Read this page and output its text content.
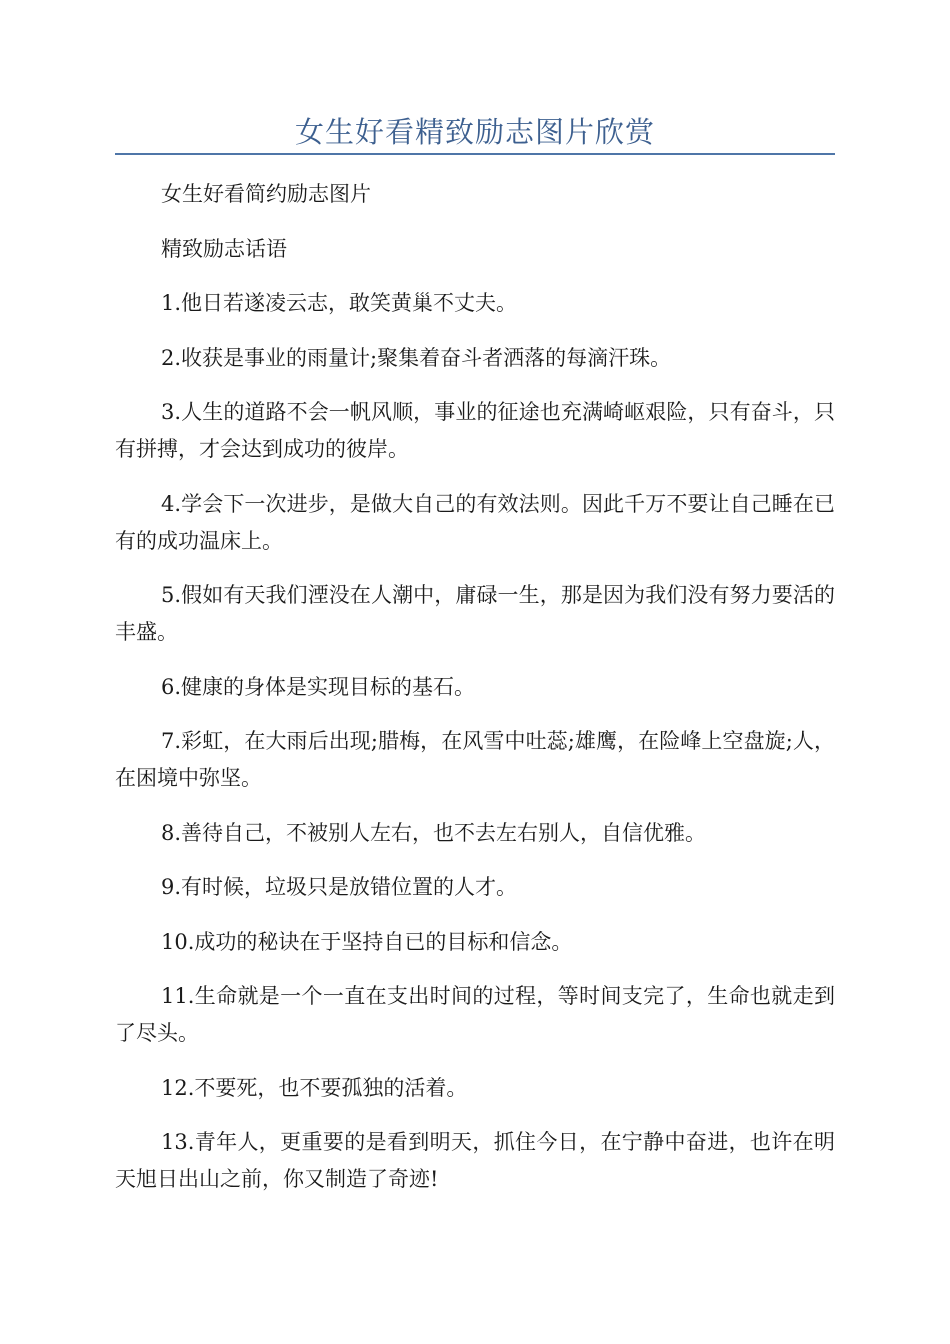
女生好看精致励志图片欣赏

女生好看简约励志图片

精致励志话语

1.他日若遂凌云志，敢笑黄巢不丈夫。

2.收获是事业的雨量计;聚集着奋斗者洒落的每滴汗珠。

3.人生的道路不会一帆风顺，事业的征途也充满崎岖艰险，只有奋斗，只有拼搏，才会达到成功的彼岸。

4.学会下一次进步，是做大自己的有效法则。因此千万不要让自己睡在已有的成功温床上。

5.假如有天我们湮没在人潮中，庸碌一生，那是因为我们没有努力要活的丰盛。

6.健康的身体是实现目标的基石。

7.彩虹，在大雨后出现;腊梅，在风雪中吐蕊;雄鹰，在险峰上空盘旋;人，在困境中弥坚。

8.善待自己，不被别人左右，也不去左右别人，自信优雅。

9.有时候，垃圾只是放错位置的人才。

10.成功的秘诀在于坚持自已的目标和信念。

11.生命就是一个一直在支出时间的过程，等时间支完了，生命也就走到了尽头。

12.不要死，也不要孤独的活着。

13.青年人，更重要的是看到明天，抓住今日，在宁静中奋进，也许在明天旭日出山之前，你又制造了奇迹!
